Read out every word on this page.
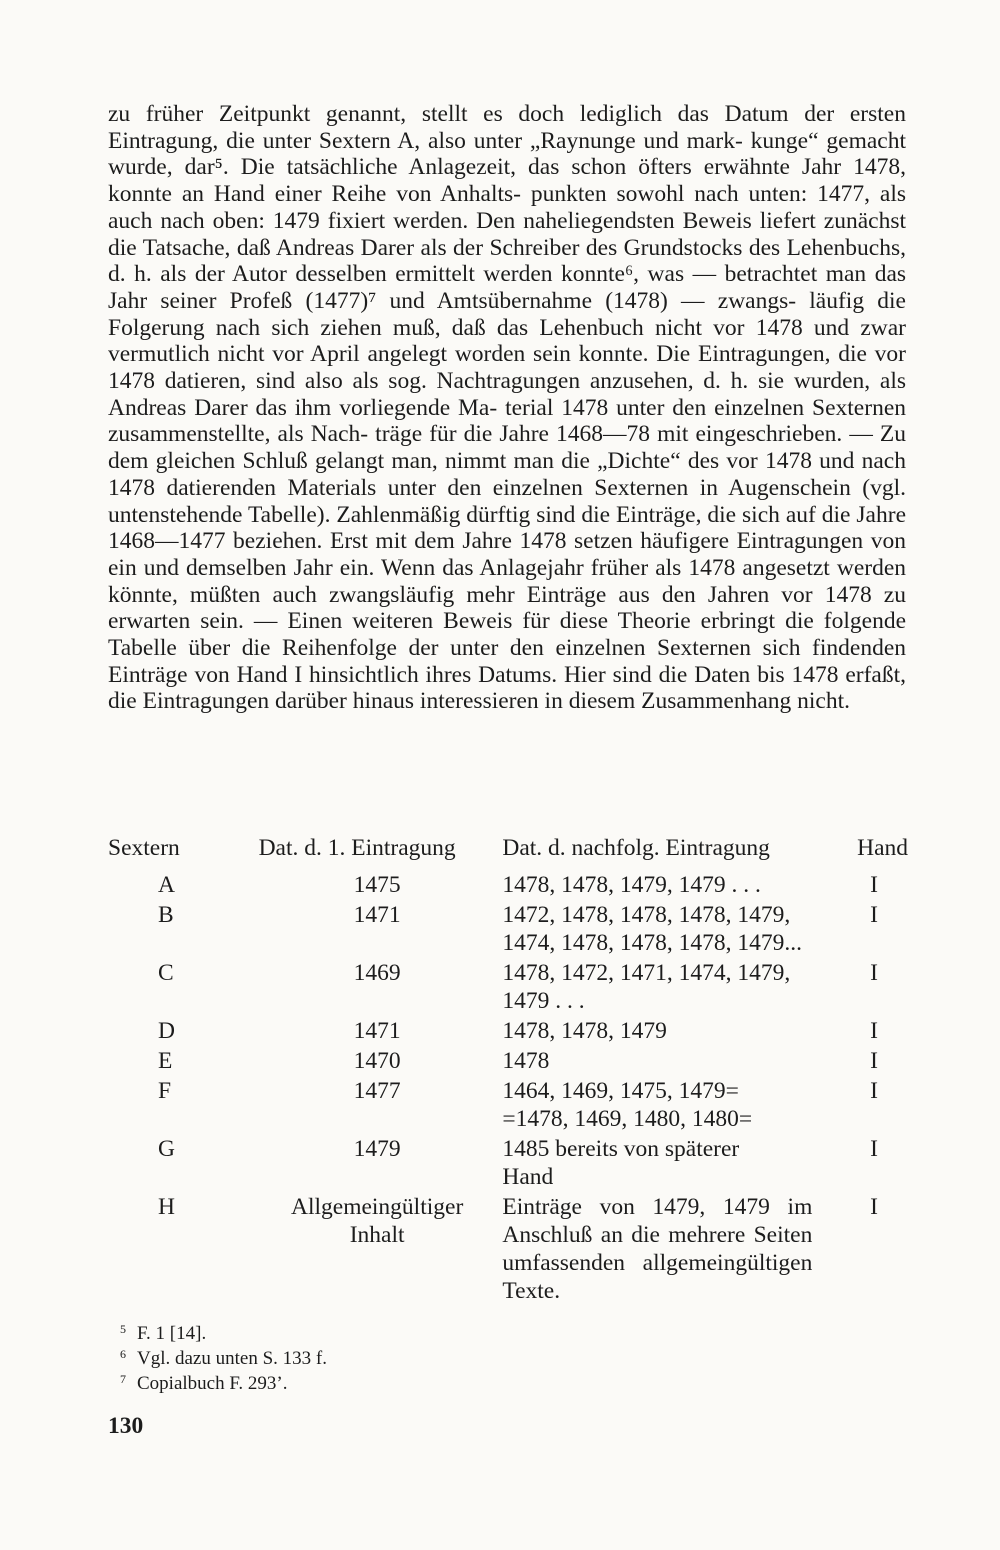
zu früher Zeitpunkt genannt, stellt es doch lediglich das Datum der ersten Eintragung, die unter Sextern A, also unter „Raynunge und mark- kunge“ gemacht wurde, dar⁵. Die tatsächliche Anlagezeit, das schon öfters erwähnte Jahr 1478, konnte an Hand einer Reihe von Anhalts- punkten sowohl nach unten: 1477, als auch nach oben: 1479 fixiert werden. Den naheliegendsten Beweis liefert zunächst die Tatsache, daß Andreas Darer als der Schreiber des Grundstocks des Lehenbuchs, d. h. als der Autor desselben ermittelt werden konnte⁶, was — betrachtet man das Jahr seiner Profeß (1477)⁷ und Amtsübernahme (1478) — zwangs- läufig die Folgerung nach sich ziehen muß, daß das Lehenbuch nicht vor 1478 und zwar vermutlich nicht vor April angelegt worden sein konnte. Die Eintragungen, die vor 1478 datieren, sind also als sog. Nachtragungen anzusehen, d. h. sie wurden, als Andreas Darer das ihm vorliegende Ma- terial 1478 unter den einzelnen Sexternen zusammenstellte, als Nach- träge für die Jahre 1468—78 mit eingeschrieben. — Zu dem gleichen Schluß gelangt man, nimmt man die „Dichte“ des vor 1478 und nach 1478 datierenden Materials unter den einzelnen Sexternen in Augenschein (vgl. untenstehende Tabelle). Zahlenmäßig dürftig sind die Einträge, die sich auf die Jahre 1468—1477 beziehen. Erst mit dem Jahre 1478 setzen häufigere Eintragungen von ein und demselben Jahr ein. Wenn das Anlagejahr früher als 1478 angesetzt werden könnte, müßten auch zwangsläufig mehr Einträge aus den Jahren vor 1478 zu erwarten sein. — Einen weiteren Beweis für diese Theorie erbringt die folgende Tabelle über die Reihenfolge der unter den einzelnen Sexternen sich findenden Einträge von Hand I hinsichtlich ihres Datums. Hier sind die Daten bis 1478 erfaßt, die Eintragungen darüber hinaus interessieren in diesem Zusammenhang nicht.

Sextern	Dat. d. 1. Eintragung	Dat. d. nachfolg. Eintragung	Hand
A	1475	1478, 1478, 1479, 1479 . . .	I
B	1471	1472, 1478, 1478, 1478, 1479,
1474, 1478, 1478, 1478, 1479...	I
C	1469	1478, 1472, 1471, 1474, 1479,
1479 . . .	I
D	1471	1478, 1478, 1479	I
E	1470	1478	I
F	1477	1464, 1469, 1475, 1479=
=1478, 1469, 1480, 1480=	I
G	1479	1485 bereits von späterer
Hand	I
H	Allgemeingültiger
Inhalt	Einträge von 1479, 1479 im Anschluß an die mehrere Seiten umfassenden allgemeingültigen Texte.	I
5 F. 1 [14].
6 Vgl. dazu unten S. 133 f.
7 Copialbuch F. 293’.
130
